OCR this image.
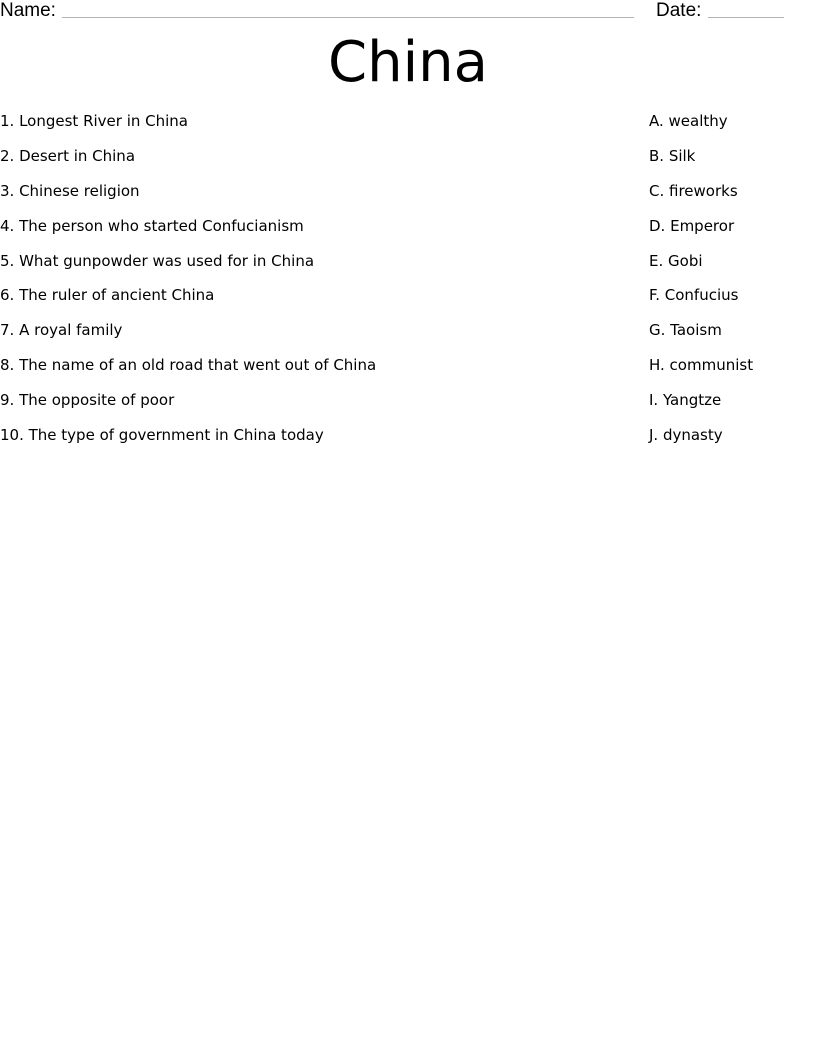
Name:	Date:
China
1. Longest River in China	A. wealthy
2. Desert in China	B. Silk
3. Chinese religion	C. fireworks
4. The person who started Confucianism	D. Emperor
5. What gunpowder was used for in China	E. Gobi
6. The ruler of ancient China	F. Confucius
7. A royal family	G. Taoism
8. The name of an old road that went out of China	H. communist
9. The opposite of poor	I. Yangtze
10. The type of government in China today	J. dynasty
